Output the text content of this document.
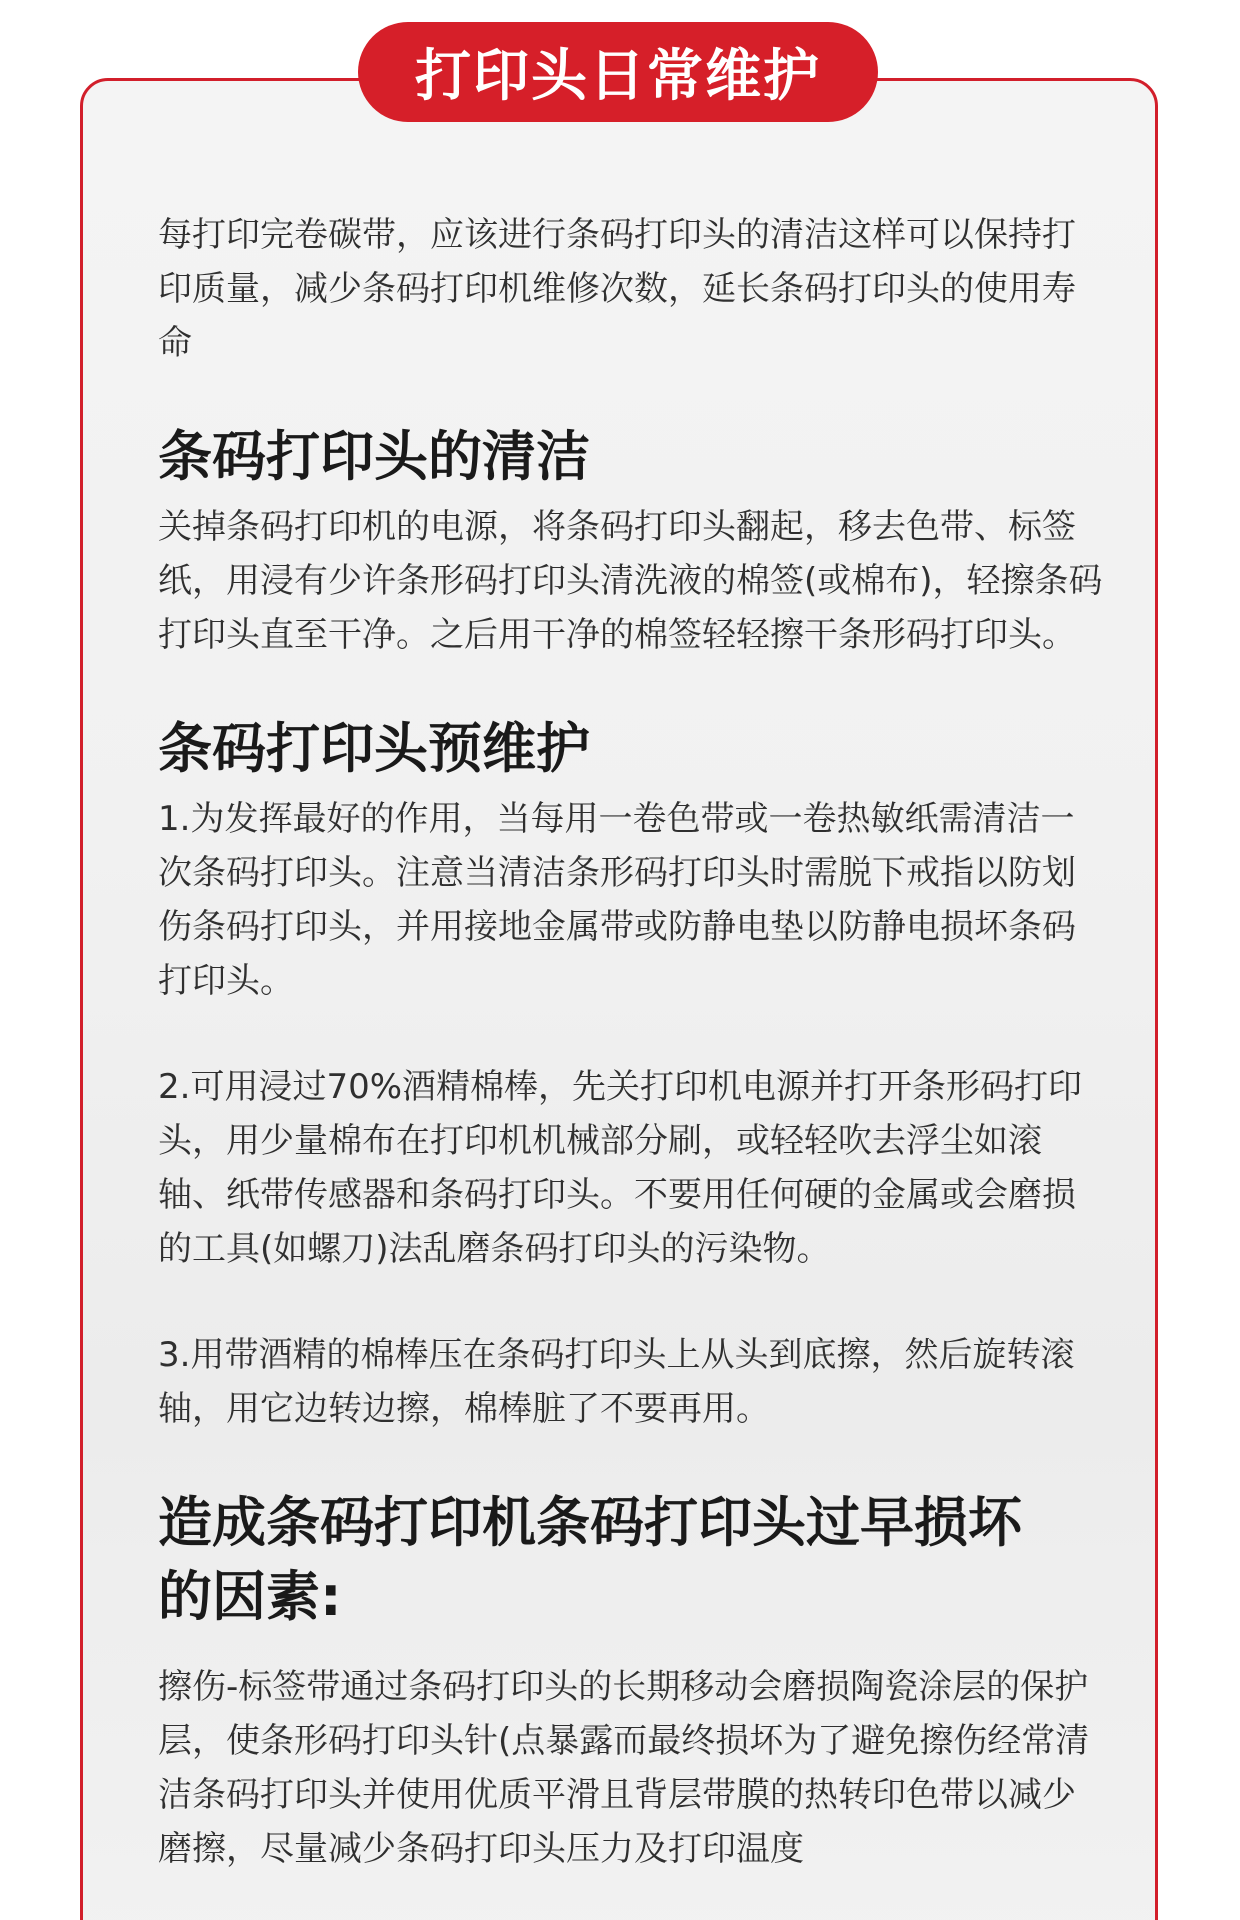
打印头日常维护

每打印完卷碳带，应该进行条码打印头的清洁这样可以保持打印质量，减少条码打印机维修次数，延长条码打印头的使用寿命

条码打印头的清洁

关掉条码打印机的电源，将条码打印头翻起，移去色带、标签纸，用浸有少许条形码打印头清洗液的棉签(或棉布)，轻擦条码打印头直至干净。之后用干净的棉签轻轻擦干条形码打印头。

条码打印头预维护

1.为发挥最好的作用，当每用一卷色带或一卷热敏纸需清洁一次条码打印头。注意当清洁条形码打印头时需脱下戒指以防划伤条码打印头，并用接地金属带或防静电垫以防静电损坏条码打印头。

2.可用浸过70%酒精棉棒，先关打印机电源并打开条形码打印头，用少量棉布在打印机机械部分刷，或轻轻吹去浮尘如滚轴、纸带传感器和条码打印头。不要用任何硬的金属或会磨损的工具(如螺刀)法乱磨条码打印头的污染物。

3.用带酒精的棉棒压在条码打印头上从头到底擦，然后旋转滚轴，用它边转边擦，棉棒脏了不要再用。

造成条码打印机条码打印头过早损坏的因素:

擦伤-标签带通过条码打印头的长期移动会磨损陶瓷涂层的保护层，使条形码打印头针(点暴露而最终损坏为了避免擦伤经常清洁条码打印头并使用优质平滑且背层带膜的热转印色带以减少磨擦，尽量减少条码打印头压力及打印温度
